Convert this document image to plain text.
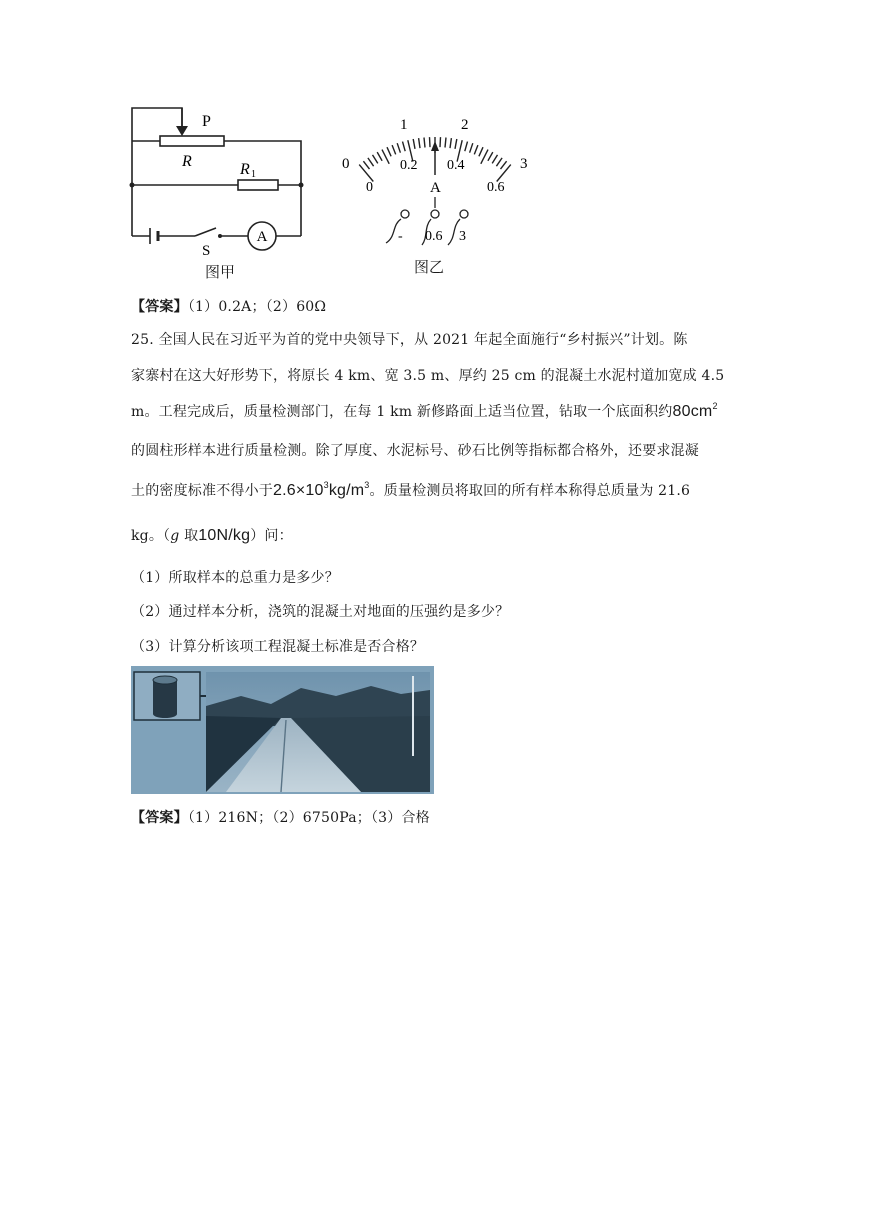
P
R	R 1
S
A
图甲
0
1	2
3
0
0.2 0.4
0.6
A
- 0.6 3
图乙
【答案】（1）0.2A；（2）60Ω
25. 全国人民在习近平为首的党中央领导下，从 2021 年起全面施行“乡村振兴”计划。陈
家寨村在这大好形势下，将原长 4 km、宽 3.5 m、厚约 25 cm 的混凝土水泥村道加宽成 4.5
m。工程完成后，质量检测部门，在每 1 km 新修路面上适当位置，钻取一个底面积约$80cm^2$
的圆柱形样本进行质量检测。除了厚度、水泥标号、砂石比例等指标都合格外，还要求混凝
土的密度标准不得小于$2.6\times 10^3kg/m^3$。质量检测员将取回的所有样本称得总质量为 21.6
kg。（g 取10N/kg）问：
（1）所取样本的总重力是多少？
（2）通过样本分析，浇筑的混凝土对地面的压强约是多少？
（3）计算分析该项工程混凝土标准是否合格？
【答案】（1）216N；（2）6750Pa；（3）合格
